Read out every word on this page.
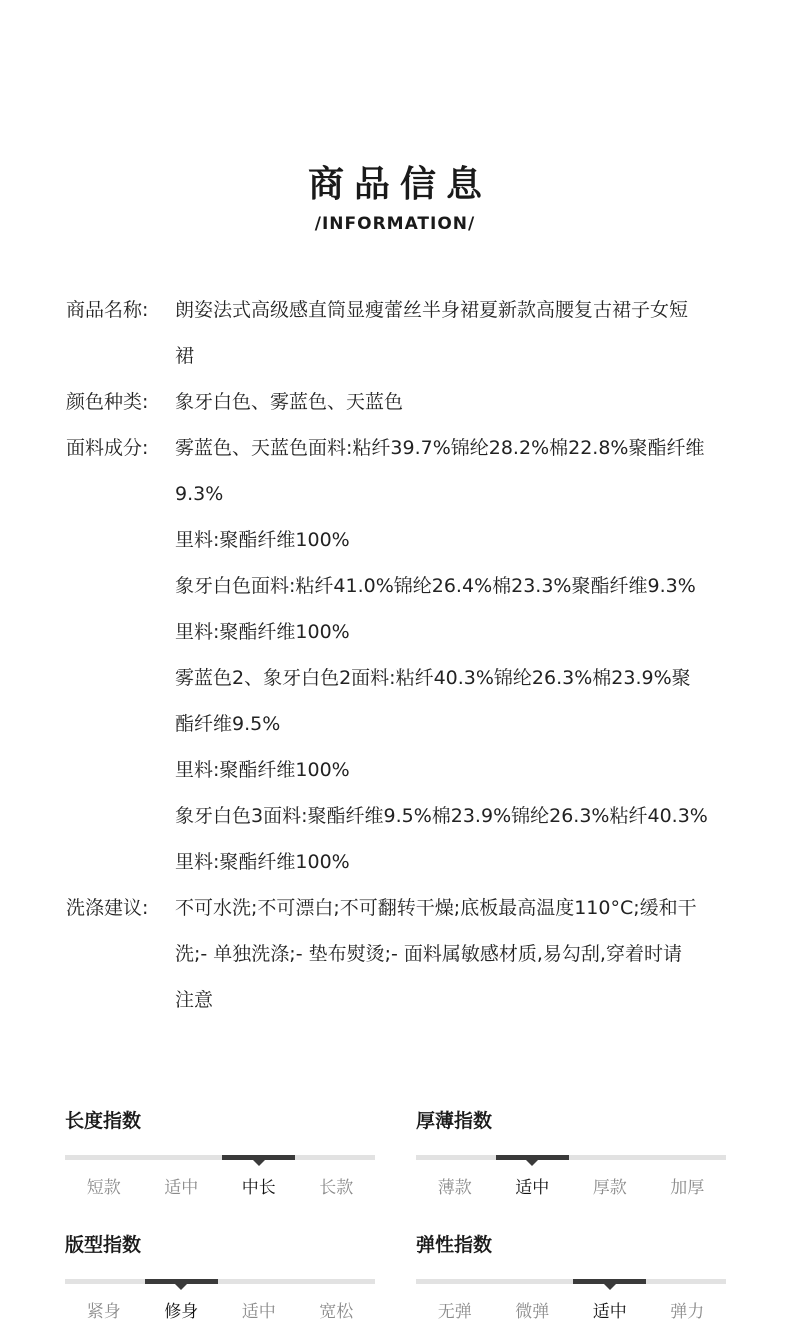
商品信息
/INFORMATION/
商品名称:	朗姿法式高级感直筒显瘦蕾丝半身裙夏新款高腰复古裙子女短
裙
颜色种类:	象牙白色、雾蓝色、天蓝色
面料成分:	雾蓝色、天蓝色面料:粘纤39.7%锦纶28.2%棉22.8%聚酯纤维
9.3%
里料:聚酯纤维100%
象牙白色面料:粘纤41.0%锦纶26.4%棉23.3%聚酯纤维9.3%
里料:聚酯纤维100%
雾蓝色2、象牙白色2面料:粘纤40.3%锦纶26.3%棉23.9%聚
酯纤维9.5%
里料:聚酯纤维100%
象牙白色3面料:聚酯纤维9.5%棉23.9%锦纶26.3%粘纤40.3%
里料:聚酯纤维100%
洗涤建议:	不可水洗;不可漂白;不可翻转干燥;底板最高温度110°C;缓和干
洗;- 单独洗涤;- 垫布熨烫;- 面料属敏感材质,易勾刮,穿着时请
注意
长度指数
短款	适中	中长	长款
厚薄指数
薄款	适中	厚款	加厚
版型指数
紧身	修身	适中	宽松
弹性指数
无弹	微弹	适中	弹力
